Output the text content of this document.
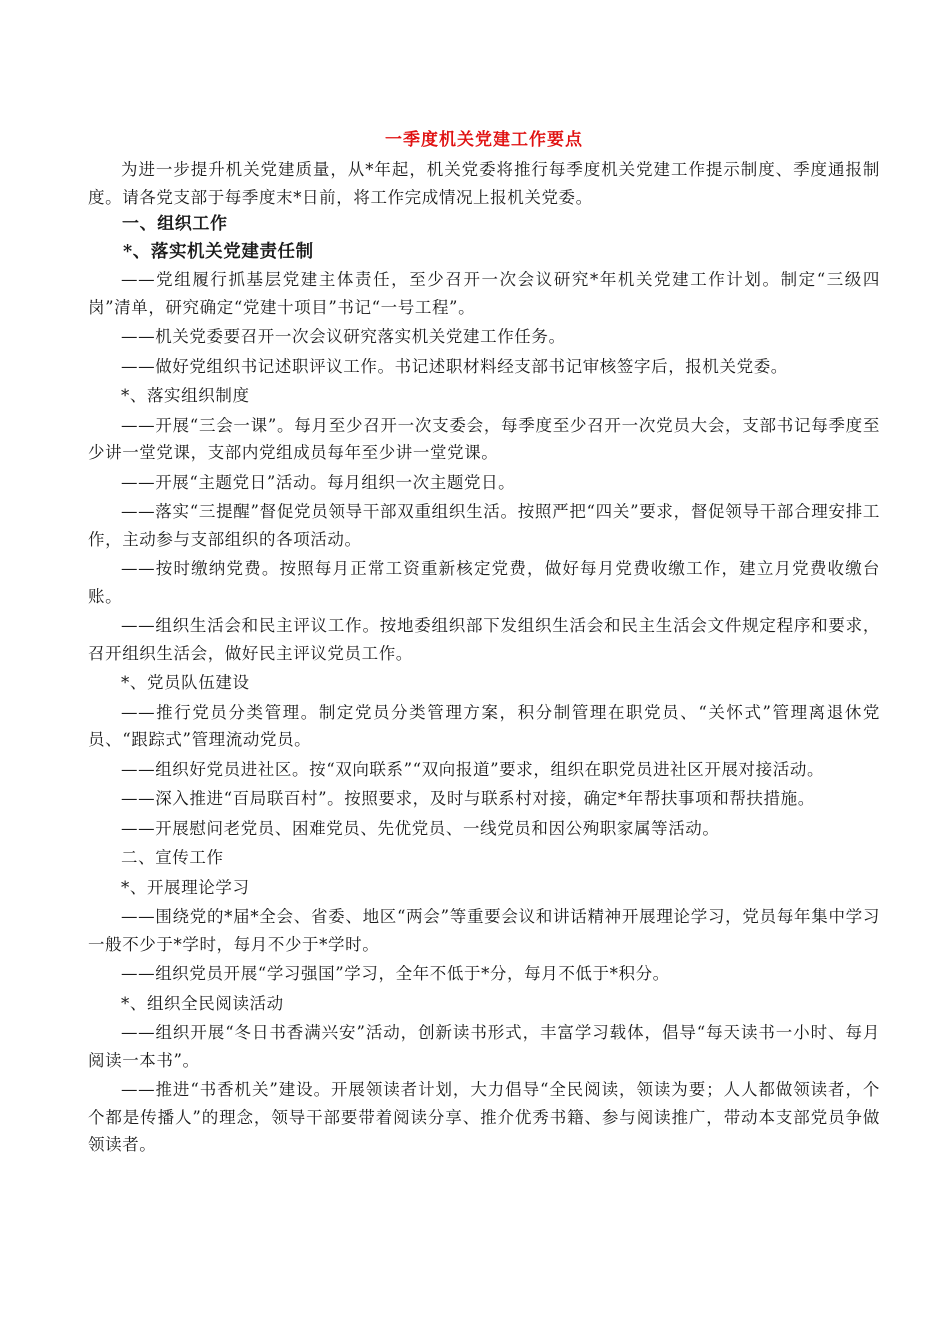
一季度机关党建工作要点

为进一步提升机关党建质量，从*年起，机关党委将推行每季度机关党建工作提示制度、季度通报制度。请各党支部于每季度末*日前，将工作完成情况上报机关党委。

一、组织工作

*、落实机关党建责任制

——党组履行抓基层党建主体责任，至少召开一次会议研究*年机关党建工作计划。制定“三级四岗”清单，研究确定“党建十项目”书记“一号工程”。

——机关党委要召开一次会议研究落实机关党建工作任务。

——做好党组织书记述职评议工作。书记述职材料经支部书记审核签字后，报机关党委。

*、落实组织制度

——开展“三会一课”。每月至少召开一次支委会，每季度至少召开一次党员大会，支部书记每季度至少讲一堂党课，支部内党组成员每年至少讲一堂党课。

——开展“主题党日”活动。每月组织一次主题党日。

——落实“三提醒”督促党员领导干部双重组织生活。按照严把“四关”要求，督促领导干部合理安排工作，主动参与支部组织的各项活动。

——按时缴纳党费。按照每月正常工资重新核定党费，做好每月党费收缴工作，建立月党费收缴台账。

——组织生活会和民主评议工作。按地委组织部下发组织生活会和民主生活会文件规定程序和要求，召开组织生活会，做好民主评议党员工作。

*、党员队伍建设

——推行党员分类管理。制定党员分类管理方案，积分制管理在职党员、“关怀式”管理离退休党员、“跟踪式”管理流动党员。

——组织好党员进社区。按“双向联系”“双向报道”要求，组织在职党员进社区开展对接活动。

——深入推进“百局联百村”。按照要求，及时与联系村对接，确定*年帮扶事项和帮扶措施。

——开展慰问老党员、困难党员、先优党员、一线党员和因公殉职家属等活动。

二、宣传工作

*、开展理论学习

——围绕党的*届*全会、省委、地区“两会”等重要会议和讲话精神开展理论学习，党员每年集中学习一般不少于*学时，每月不少于*学时。

——组织党员开展“学习强国”学习，全年不低于*分，每月不低于*积分。

*、组织全民阅读活动

——组织开展“冬日书香满兴安”活动，创新读书形式，丰富学习载体，倡导“每天读书一小时、每月阅读一本书”。

——推进“书香机关”建设。开展领读者计划，大力倡导“全民阅读，领读为要；人人都做领读者，个个都是传播人”的理念，领导干部要带着阅读分享、推介优秀书籍、参与阅读推广，带动本支部党员争做领读者。
